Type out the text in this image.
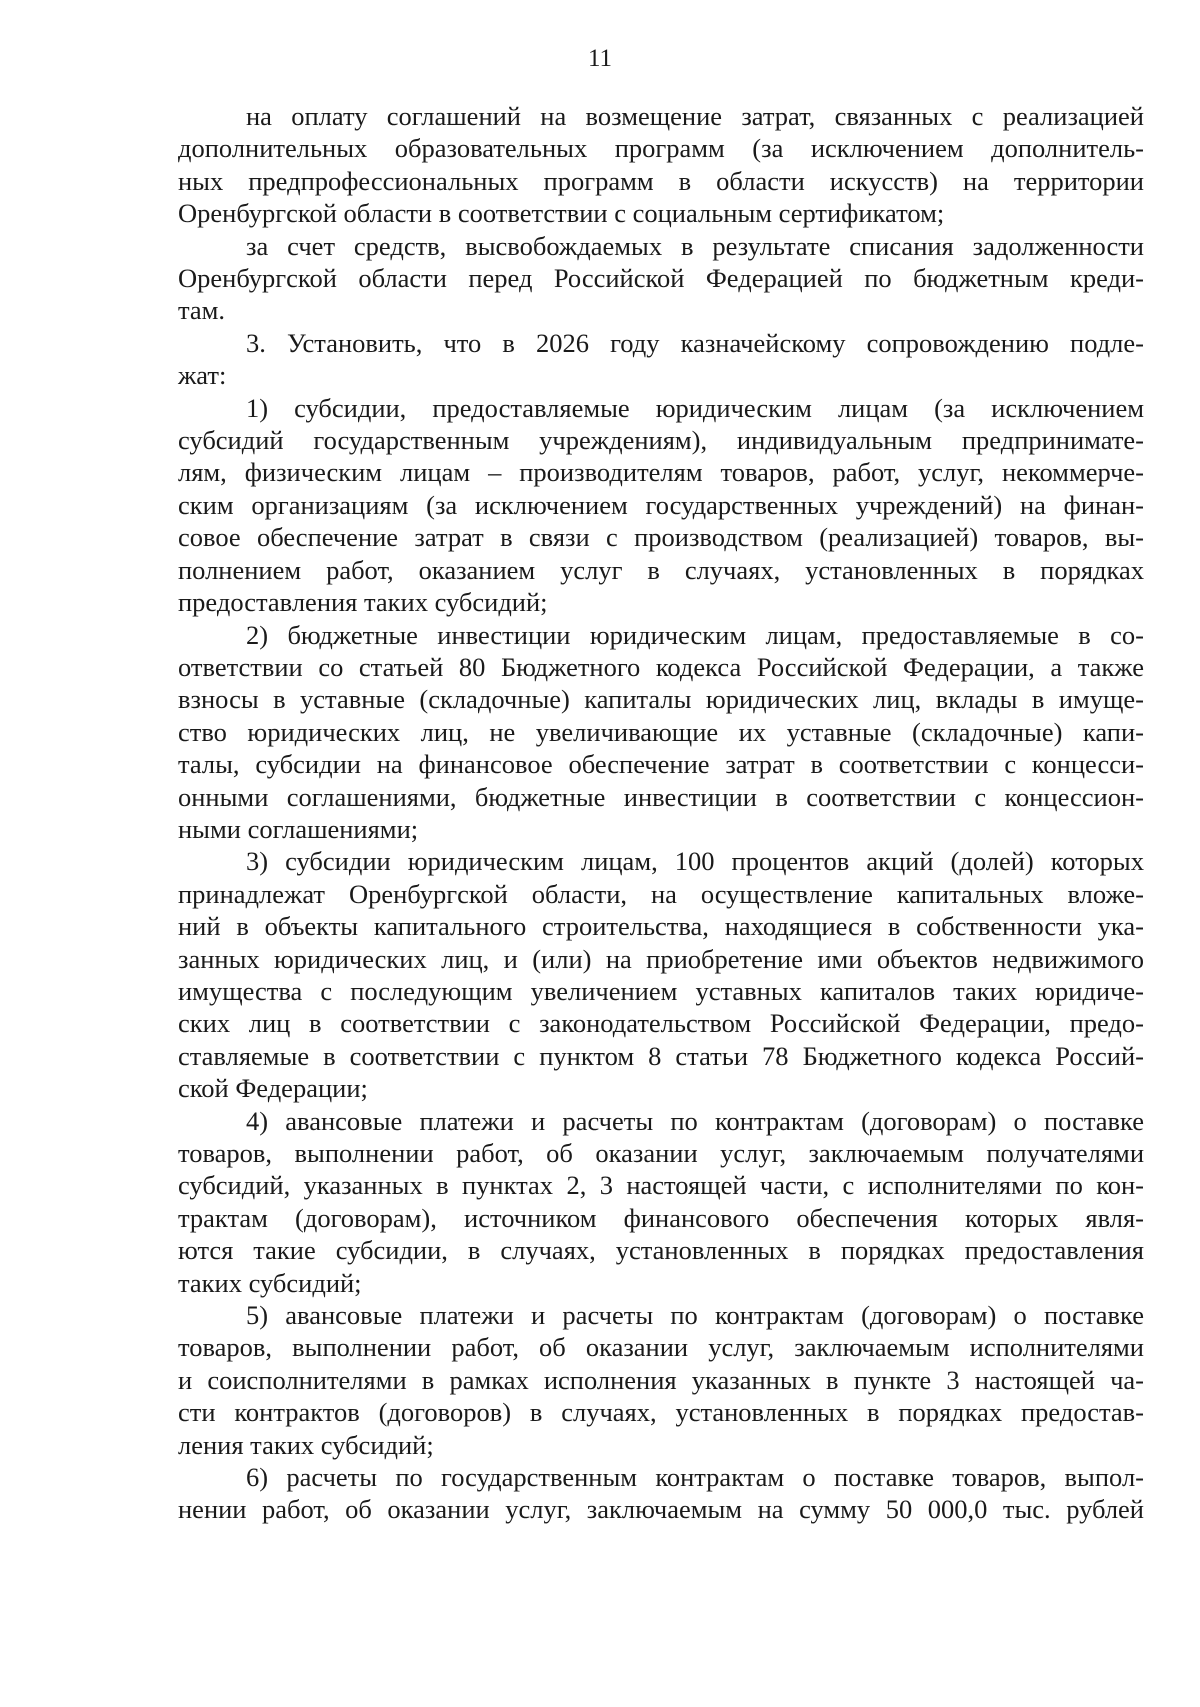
11
на оплату соглашений на возмещение затрат, связанных с реализацией
дополнительных образовательных программ (за исключением дополнитель-
ных предпрофессиональных программ в области искусств) на территории
Оренбургской области в соответствии с социальным сертификатом;
за счет средств, высвобождаемых в результате списания задолженности
Оренбургской области перед Российской Федерацией по бюджетным креди-
там.
3. Установить, что в 2026 году казначейскому сопровождению подле-
жат:
1) субсидии, предоставляемые юридическим лицам (за исключением
субсидий государственным учреждениям), индивидуальным предпринимате-
лям, физическим лицам – производителям товаров, работ, услуг, некоммерче-
ским организациям (за исключением государственных учреждений) на финан-
совое обеспечение затрат в связи с производством (реализацией) товаров, вы-
полнением работ, оказанием услуг в случаях, установленных в порядках
предоставления таких субсидий;
2) бюджетные инвестиции юридическим лицам, предоставляемые в со-
ответствии со статьей 80 Бюджетного кодекса Российской Федерации, а также
взносы в уставные (складочные) капиталы юридических лиц, вклады в имуще-
ство юридических лиц, не увеличивающие их уставные (складочные) капи-
талы, субсидии на финансовое обеспечение затрат в соответствии с концесси-
онными соглашениями, бюджетные инвестиции в соответствии с концессион-
ными соглашениями;
3) субсидии юридическим лицам, 100 процентов акций (долей) которых
принадлежат Оренбургской области, на осуществление капитальных вложе-
ний в объекты капитального строительства, находящиеся в собственности ука-
занных юридических лиц, и (или) на приобретение ими объектов недвижимого
имущества с последующим увеличением уставных капиталов таких юридиче-
ских лиц в соответствии с законодательством Российской Федерации, предо-
ставляемые в соответствии с пунктом 8 статьи 78 Бюджетного кодекса Россий-
ской Федерации;
4) авансовые платежи и расчеты по контрактам (договорам) о поставке
товаров, выполнении работ, об оказании услуг, заключаемым получателями
субсидий, указанных в пунктах 2, 3 настоящей части, с исполнителями по кон-
трактам (договорам), источником финансового обеспечения которых явля-
ются такие субсидии, в случаях, установленных в порядках предоставления
таких субсидий;
5) авансовые платежи и расчеты по контрактам (договорам) о поставке
товаров, выполнении работ, об оказании услуг, заключаемым исполнителями
и соисполнителями в рамках исполнения указанных в пункте 3 настоящей ча-
сти контрактов (договоров) в случаях, установленных в порядках предостав-
ления таких субсидий;
6) расчеты по государственным контрактам о поставке товаров, выпол-
нении работ, об оказании услуг, заключаемым на сумму 50 000,0 тыс. рублей
